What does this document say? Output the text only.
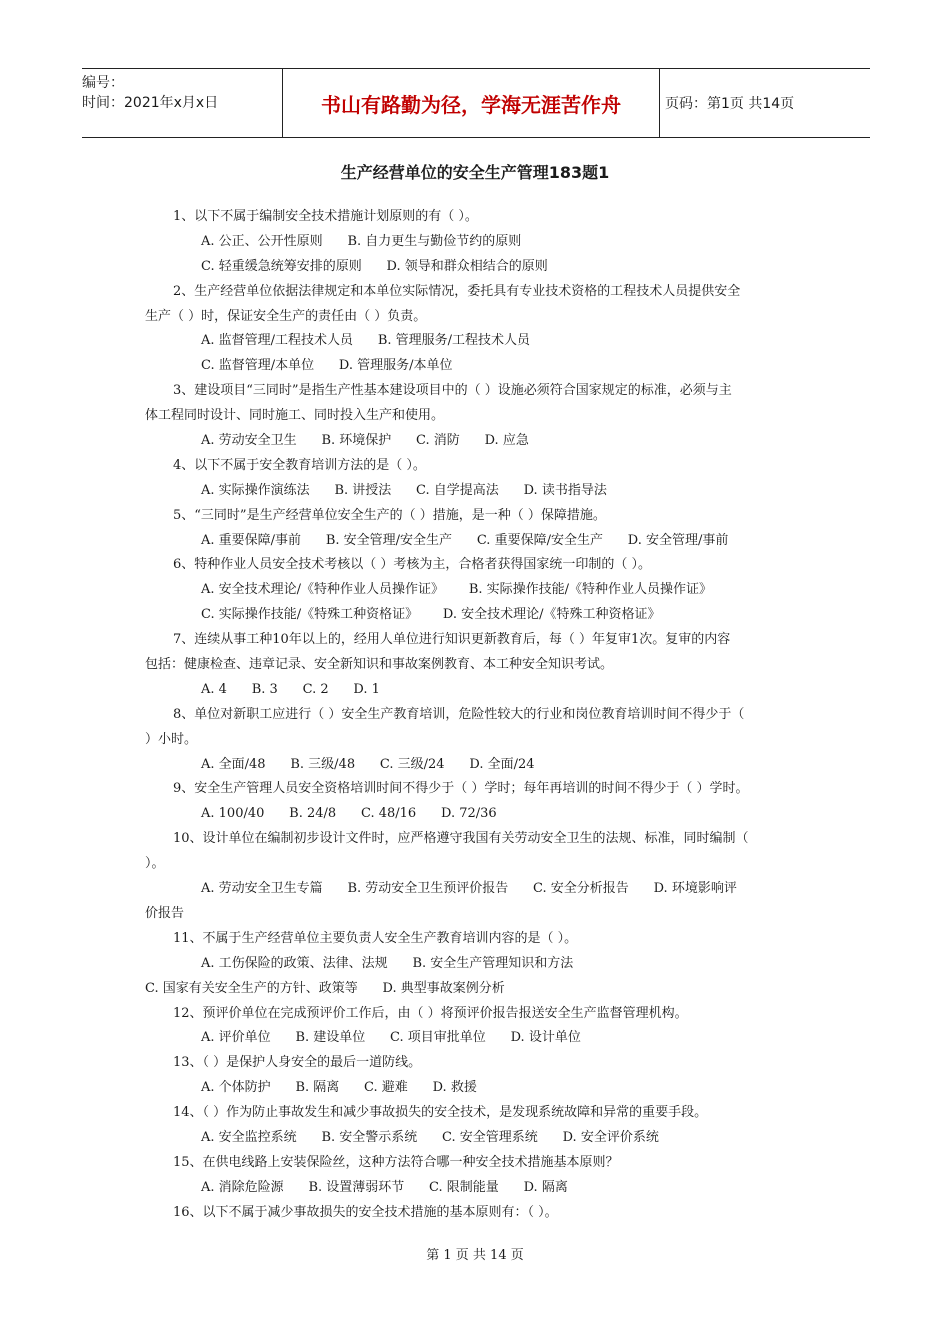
编号：
时间：2021年x月x日	书山有路勤为径，学海无涯苦作舟	页码：第1页 共14页
生产经营单位的安全生产管理183题1
1、以下不属于编制安全技术措施计划原则的有（ ）。
A. 公正、公开性原则      B. 自力更生与勤俭节约的原则
C. 轻重缓急统筹安排的原则      D. 领导和群众相结合的原则
2、生产经营单位依据法律规定和本单位实际情况，委托具有专业技术资格的工程技术人员提供安全
生产（ ）时，保证安全生产的责任由（ ）负责。
A. 监督管理/工程技术人员      B. 管理服务/工程技术人员
C. 监督管理/本单位      D. 管理服务/本单位
3、建设项目“三同时”是指生产性基本建设项目中的（ ）设施必须符合国家规定的标准，必须与主
体工程同时设计、同时施工、同时投入生产和使用。
A. 劳动安全卫生      B. 环境保护      C. 消防      D. 应急
4、以下不属于安全教育培训方法的是（ ）。
A. 实际操作演练法      B. 讲授法      C. 自学提高法      D. 读书指导法
5、“三同时”是生产经营单位安全生产的（ ）措施，是一种（ ）保障措施。
A. 重要保障/事前      B. 安全管理/安全生产      C. 重要保障/安全生产      D. 安全管理/事前
6、特种作业人员安全技术考核以（ ）考核为主，合格者获得国家统一印制的（ ）。
A. 安全技术理论/《特种作业人员操作证》      B. 实际操作技能/《特种作业人员操作证》
C. 实际操作技能/《特殊工种资格证》      D. 安全技术理论/《特殊工种资格证》
7、连续从事工种10年以上的，经用人单位进行知识更新教育后，每（ ）年复审1次。复审的内容
包括：健康检查、违章记录、安全新知识和事故案例教育、本工种安全知识考试。
A. 4      B. 3      C. 2      D. 1
8、单位对新职工应进行（ ）安全生产教育培训，危险性较大的行业和岗位教育培训时间不得少于（
）小时。
A. 全面/48      B. 三级/48      C. 三级/24      D. 全面/24
9、安全生产管理人员安全资格培训时间不得少于（ ）学时；每年再培训的时间不得少于（ ）学时。
A. 100/40      B. 24/8      C. 48/16      D. 72/36
10、设计单位在编制初步设计文件时，应严格遵守我国有关劳动安全卫生的法规、标准，同时编制（
）。
A. 劳动安全卫生专篇      B. 劳动安全卫生预评价报告      C. 安全分析报告      D. 环境影响评
价报告
11、不属于生产经营单位主要负责人安全生产教育培训内容的是（ ）。
A. 工伤保险的政策、法律、法规      B. 安全生产管理知识和方法
C. 国家有关安全生产的方针、政策等      D. 典型事故案例分析
12、预评价单位在完成预评价工作后，由（ ）将预评价报告报送安全生产监督管理机构。
A. 评价单位      B. 建设单位      C. 项目审批单位      D. 设计单位
13、（ ）是保护人身安全的最后一道防线。
A. 个体防护      B. 隔离      C. 避难      D. 救援
14、（ ）作为防止事故发生和减少事故损失的安全技术，是发现系统故障和异常的重要手段。
A. 安全监控系统      B. 安全警示系统      C. 安全管理系统      D. 安全评价系统
15、在供电线路上安装保险丝，这种方法符合哪一种安全技术措施基本原则？
A. 消除危险源      B. 设置薄弱环节      C. 限制能量      D. 隔离
16、以下不属于减少事故损失的安全技术措施的基本原则有：（ ）。
第 1 页 共 14 页
